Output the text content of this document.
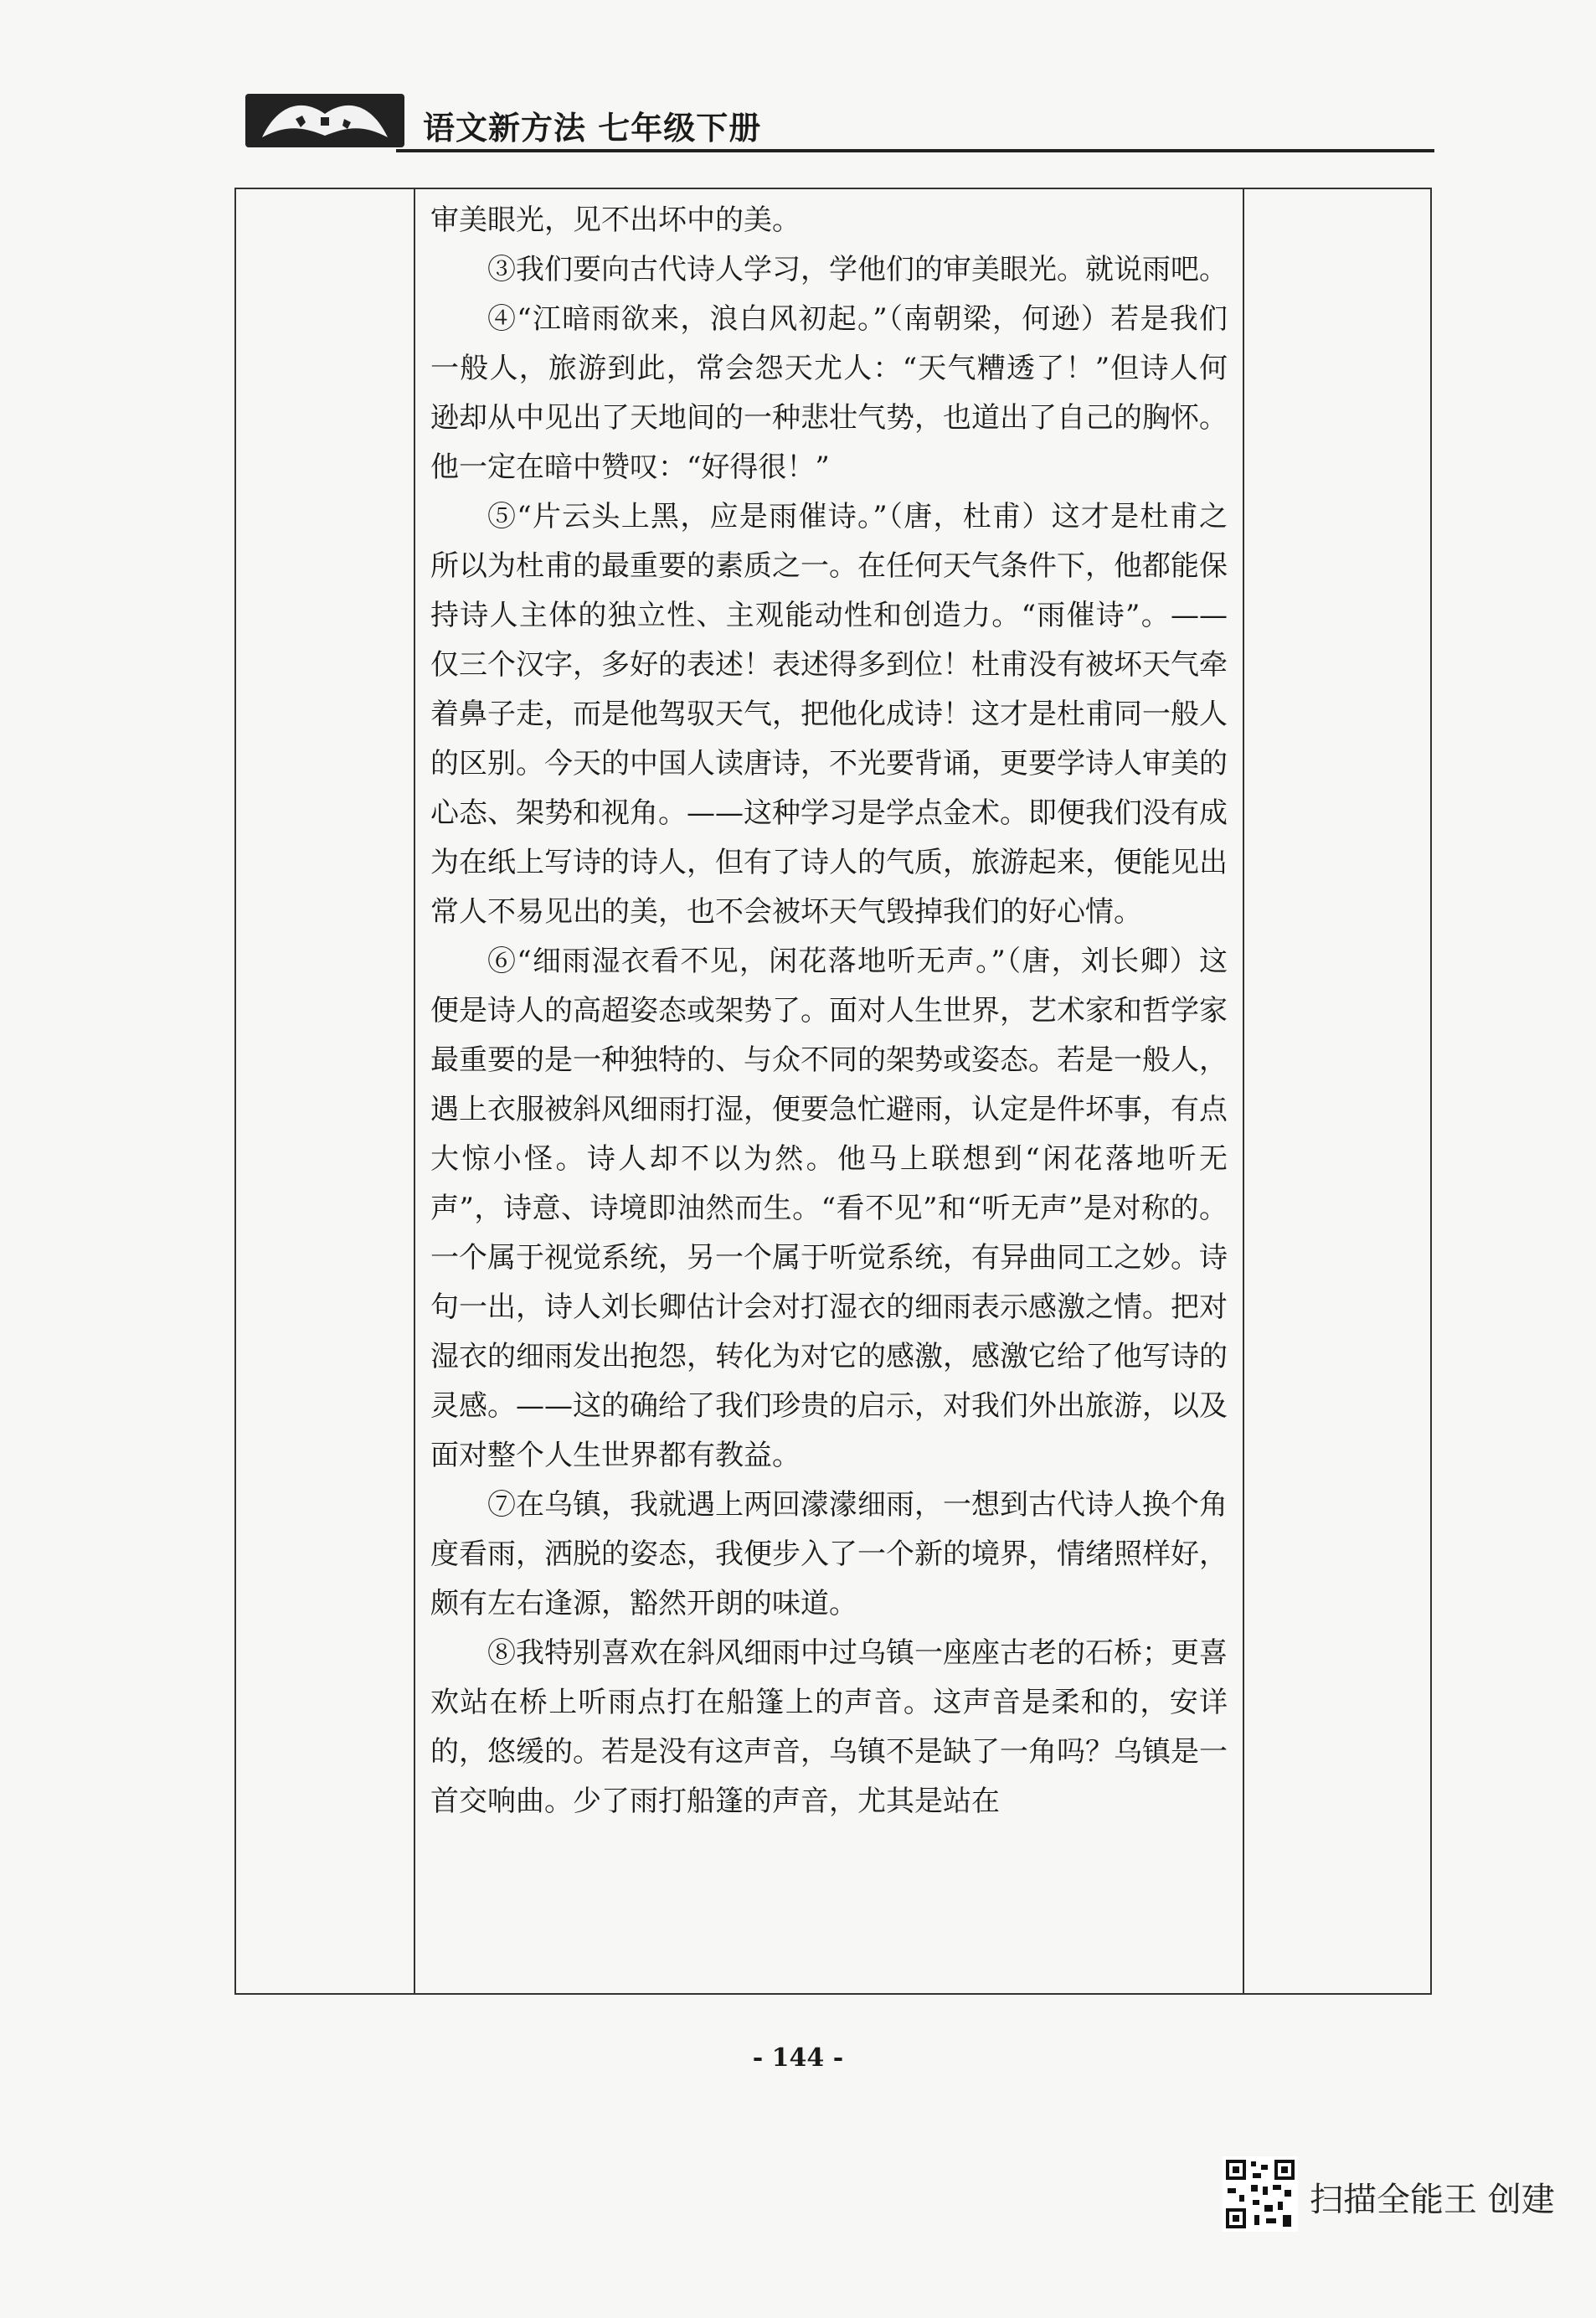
语文新方法 七年级下册

审美眼光，见不出坏中的美。

③我们要向古代诗人学习，学他们的审美眼光。就说雨吧。

④“江暗雨欲来，浪白风初起。”（南朝梁，何逊）若是我们一般人，旅游到此，常会怨天尤人：“天气糟透了！”但诗人何逊却从中见出了天地间的一种悲壮气势，也道出了自己的胸怀。他一定在暗中赞叹：“好得很！”

⑤“片云头上黑，应是雨催诗。”（唐，杜甫）这才是杜甫之所以为杜甫的最重要的素质之一。在任何天气条件下，他都能保持诗人主体的独立性、主观能动性和创造力。“雨催诗”。——仅三个汉字，多好的表述！表述得多到位！杜甫没有被坏天气牵着鼻子走，而是他驾驭天气，把他化成诗！这才是杜甫同一般人的区别。今天的中国人读唐诗，不光要背诵，更要学诗人审美的心态、架势和视角。——这种学习是学点金术。即便我们没有成为在纸上写诗的诗人，但有了诗人的气质，旅游起来，便能见出常人不易见出的美，也不会被坏天气毁掉我们的好心情。

⑥“细雨湿衣看不见，闲花落地听无声。”（唐，刘长卿）这便是诗人的高超姿态或架势了。面对人生世界，艺术家和哲学家最重要的是一种独特的、与众不同的架势或姿态。若是一般人，遇上衣服被斜风细雨打湿，便要急忙避雨，认定是件坏事，有点大惊小怪。诗人却不以为然。他马上联想到“闲花落地听无声”，诗意、诗境即油然而生。“看不见”和“听无声”是对称的。一个属于视觉系统，另一个属于听觉系统，有异曲同工之妙。诗句一出，诗人刘长卿估计会对打湿衣的细雨表示感激之情。把对湿衣的细雨发出抱怨，转化为对它的感激，感激它给了他写诗的灵感。——这的确给了我们珍贵的启示，对我们外出旅游，以及面对整个人生世界都有教益。

⑦在乌镇，我就遇上两回濛濛细雨，一想到古代诗人换个角度看雨，洒脱的姿态，我便步入了一个新的境界，情绪照样好，颇有左右逢源，豁然开朗的味道。

⑧我特别喜欢在斜风细雨中过乌镇一座座古老的石桥；更喜欢站在桥上听雨点打在船篷上的声音。这声音是柔和的，安详的，悠缓的。若是没有这声音，乌镇不是缺了一角吗？乌镇是一首交响曲。少了雨打船篷的声音，尤其是站在

- 144 -
扫描全能王 创建
